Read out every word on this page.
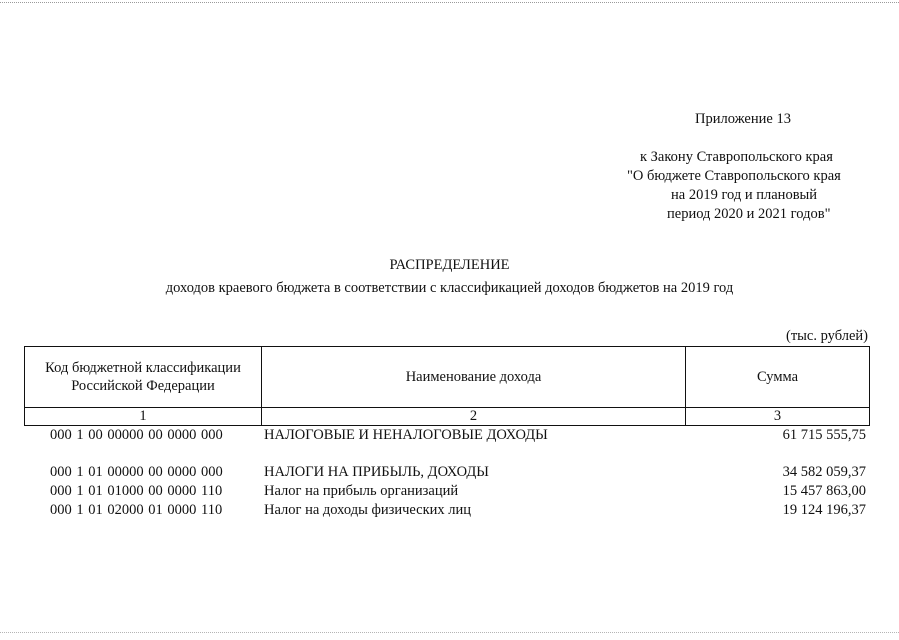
Приложение 13
к Закону Ставропольского края
"О бюджете Ставропольского края
на 2019 год и плановый
период 2020 и 2021 годов"
РАСПРЕДЕЛЕНИЕ
доходов краевого бюджета в соответствии с классификацией доходов бюджетов на 2019 год
(тыс. рублей)
Код бюджетной классификации
Российской Федерации	Наименование дохода	Сумма
1	2	3
000 1 00 00000 00 0000 000	НАЛОГОВЫЕ И НЕНАЛОГОВЫЕ ДОХОДЫ	61 715 555,75
000 1 01 00000 00 0000 000	НАЛОГИ НА ПРИБЫЛЬ, ДОХОДЫ	34 582 059,37
000 1 01 01000 00 0000 110	Налог на прибыль организаций	15 457 863,00
000 1 01 02000 01 0000 110	Налог на доходы физических лиц	19 124 196,37
